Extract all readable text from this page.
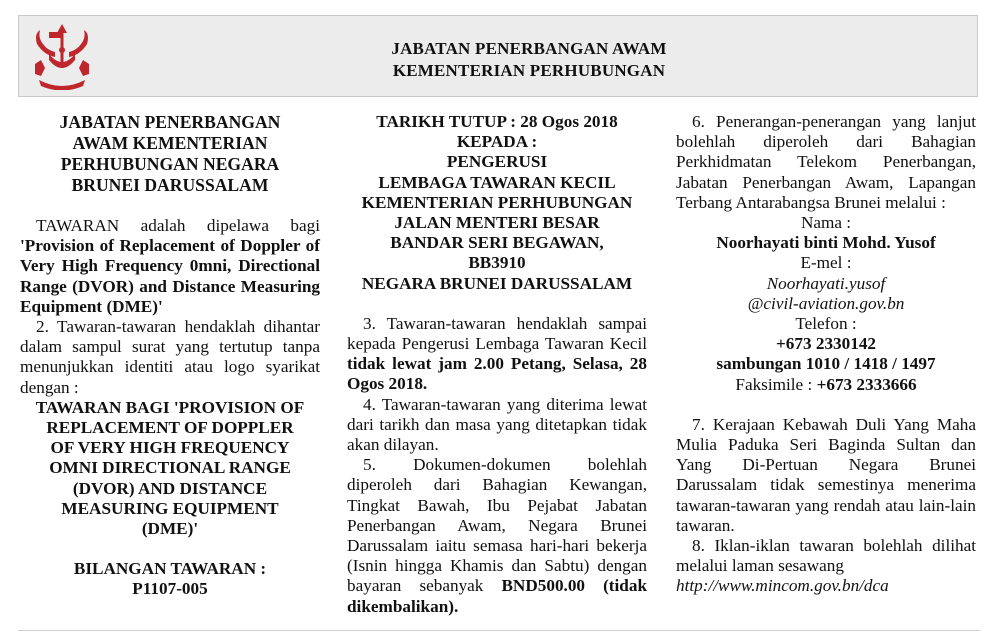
JABATAN PENERBANGAN AWAM
KEMENTERIAN PERHUBUNGAN
JABATAN PENERBANGAN
AWAM KEMENTERIAN
PERHUBUNGAN NEGARA
BRUNEI DARUSSALAM

TAWARAN adalah dipelawa bagi 'Provision of Replacement of Doppler of Very High Frequency 0mni, Directional Range (DVOR) and Distance Measuring Equipment (DME)'

2. Tawaran-tawaran hendaklah dihantar dalam sampul surat yang tertutup tanpa menunjukkan identiti atau logo syarikat dengan :

TAWARAN BAGI 'PROVISION OF
REPLACEMENT OF DOPPLER
OF VERY HIGH FREQUENCY
OMNI DIRECTIONAL RANGE
(DVOR) AND DISTANCE
MEASURING EQUIPMENT
(DME)'
BILANGAN TAWARAN :
P1107-005
TARIKH TUTUP : 28 Ogos 2018
KEPADA :
PENGERUSI
LEMBAGA TAWARAN KECIL
KEMENTERIAN PERHUBUNGAN
JALAN MENTERI BESAR
BANDAR SERI BEGAWAN,
BB3910
NEGARA BRUNEI DARUSSALAM

3. Tawaran-tawaran hendaklah sampai kepada Pengerusi Lembaga Tawaran Kecil tidak lewat jam 2.00 Petang, Selasa, 28 Ogos 2018.

4. Tawaran-tawaran yang diterima lewat dari tarikh dan masa yang ditetapkan tidak akan dilayan.

5. Dokumen-dokumen bolehlah diperoleh dari Bahagian Kewangan, Tingkat Bawah, Ibu Pejabat Jabatan Penerbangan Awam, Negara Brunei Darussalam iaitu semasa hari-hari bekerja (Isnin hingga Khamis dan Sabtu) dengan bayaran sebanyak BND500.00 (tidak dikembalikan).

6. Penerangan-penerangan yang lanjut bolehlah diperoleh dari Bahagian Perkhidmatan Telekom Penerbangan, Jabatan Penerbangan Awam, Lapangan Terbang Antarabangsa Brunei melalui :

Nama :
Noorhayati binti Mohd. Yusof
E-mel :
Noorhayati.yusof
@civil-aviation.gov.bn
Telefon :
+673 2330142
sambungan 1010 / 1418 / 1497
Faksimile : +673 2333666

7. Kerajaan Kebawah Duli Yang Maha Mulia Paduka Seri Baginda Sultan dan Yang Di-Pertuan Negara Brunei Darussalam tidak semestinya menerima tawaran-tawaran yang rendah atau lain-lain tawaran.

8. Iklan-iklan tawaran bolehlah dilihat melalui laman sesawang

http://www.mincom.gov.bn/dca
